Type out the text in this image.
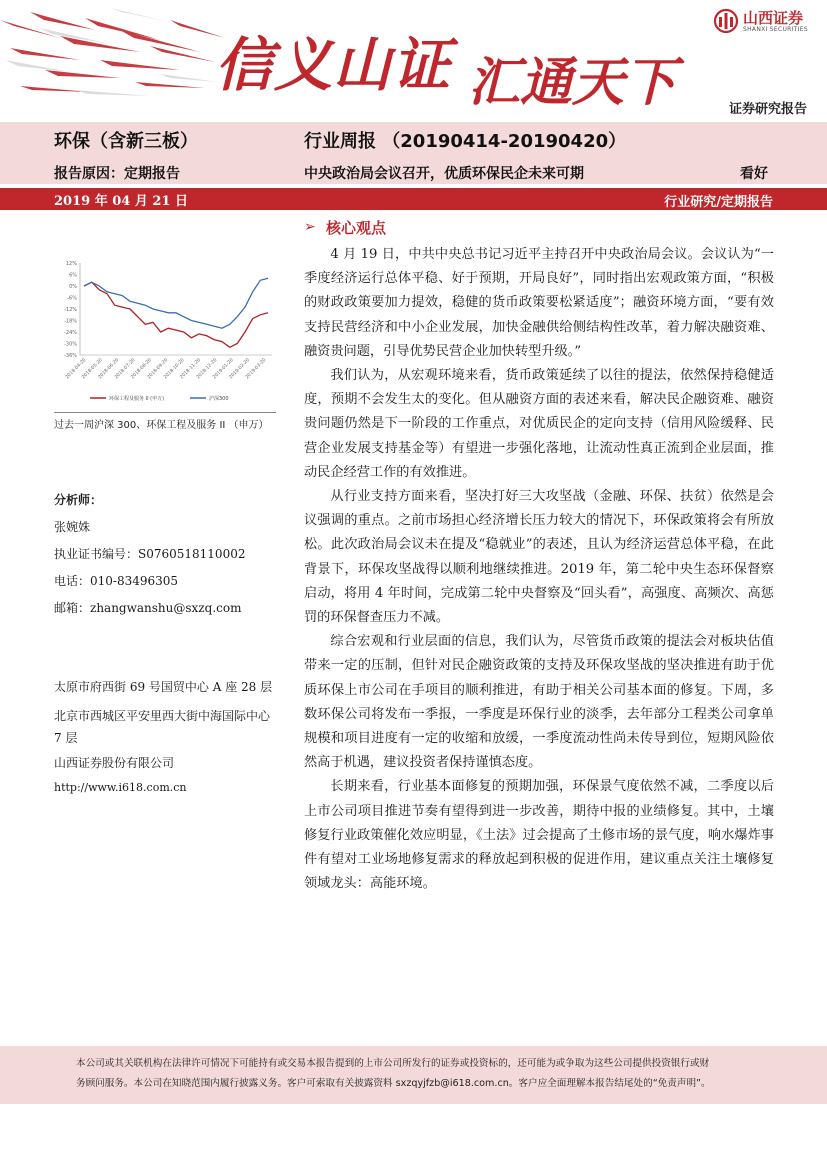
信义山证 汇通天下
山西证券
SHANXI SECURITIES
证券研究报告
环保（含新三板）	行业周报 （20190414-20190420）
报告原因：定期报告	中央政治局会议召开，优质环保民企未来可期	看好
2019 年 04 月 21 日	行业研究/定期报告
12%
6%
0%
-6%
-12%
-18%
-24%
-30%
-36%
2018-04-20
2018-05-20
2018-06-20
2018-07-20
2018-08-20
2018-09-20
2018-10-20
2018-11-20
2018-12-20
2019-01-20
2019-02-20
2019-03-20
环保工程及服务 II (申万)	沪深300
过去一周沪深 300、环保工程及服务 II （申万）
分析师：
张婉姝
执业证书编号：S0760518110002
电话：010-83496305
邮箱：zhangwanshu@sxzq.com
太原市府西街 69 号国贸中心 A 座 28 层
北京市西城区平安里西大街中海国际中心 7 层
山西证券股份有限公司
http://www.i618.com.cn
➢ 核心观点

4 月 19 日，中共中央总书记习近平主持召开中央政治局会议。会议认为“一季度经济运行总体平稳、好于预期，开局良好”，同时指出宏观政策方面，“积极的财政政策要加力提效，稳健的货币政策要松紧适度”；融资环境方面，“要有效支持民营经济和中小企业发展，加快金融供给侧结构性改革，着力解决融资难、融资贵问题，引导优势民营企业加快转型升级。”

我们认为，从宏观环境来看，货币政策延续了以往的提法，依然保持稳健适度，预期不会发生太的变化。但从融资方面的表述来看，解决民企融资难、融资贵问题仍然是下一阶段的工作重点，对优质民企的定向支持（信用风险缓释、民营企业发展支持基金等）有望进一步强化落地，让流动性真正流到企业层面，推动民企经营工作的有效推进。

从行业支持方面来看，坚决打好三大攻坚战（金融、环保、扶贫）依然是会议强调的重点。之前市场担心经济增长压力较大的情况下，环保政策将会有所放松。此次政治局会议未在提及“稳就业”的表述，且认为经济运营总体平稳，在此背景下，环保攻坚战得以顺利地继续推进。2019 年，第二轮中央生态环保督察启动，将用 4 年时间，完成第二轮中央督察及“回头看”，高强度、高频次、高惩罚的环保督查压力不减。

综合宏观和行业层面的信息，我们认为，尽管货币政策的提法会对板块估值带来一定的压制，但针对民企融资政策的支持及环保攻坚战的坚决推进有助于优质环保上市公司在手项目的顺利推进，有助于相关公司基本面的修复。下周，多数环保公司将发布一季报，一季度是环保行业的淡季，去年部分工程类公司拿单规模和项目进度有一定的收缩和放缓，一季度流动性尚未传导到位，短期风险依然高于机遇，建议投资者保持谨慎态度。

长期来看，行业基本面修复的预期加强，环保景气度依然不减，二季度以后上市公司项目推进节奏有望得到进一步改善，期待中报的业绩修复。其中，土壤修复行业政策催化效应明显，《土法》过会提高了土修市场的景气度，响水爆炸事件有望对工业场地修复需求的释放起到积极的促进作用，建议重点关注土壤修复领域龙头：高能环境。

本公司或其关联机构在法律许可情况下可能持有或交易本报告提到的上市公司所发行的证券或投资标的，还可能为或争取为这些公司提供投资银行或财
务顾问服务。本公司在知晓范围内履行披露义务。客户可索取有关披露资料 sxzqyjfzb@i618.com.cn。客户应全面理解本报告结尾处的“免责声明”。
